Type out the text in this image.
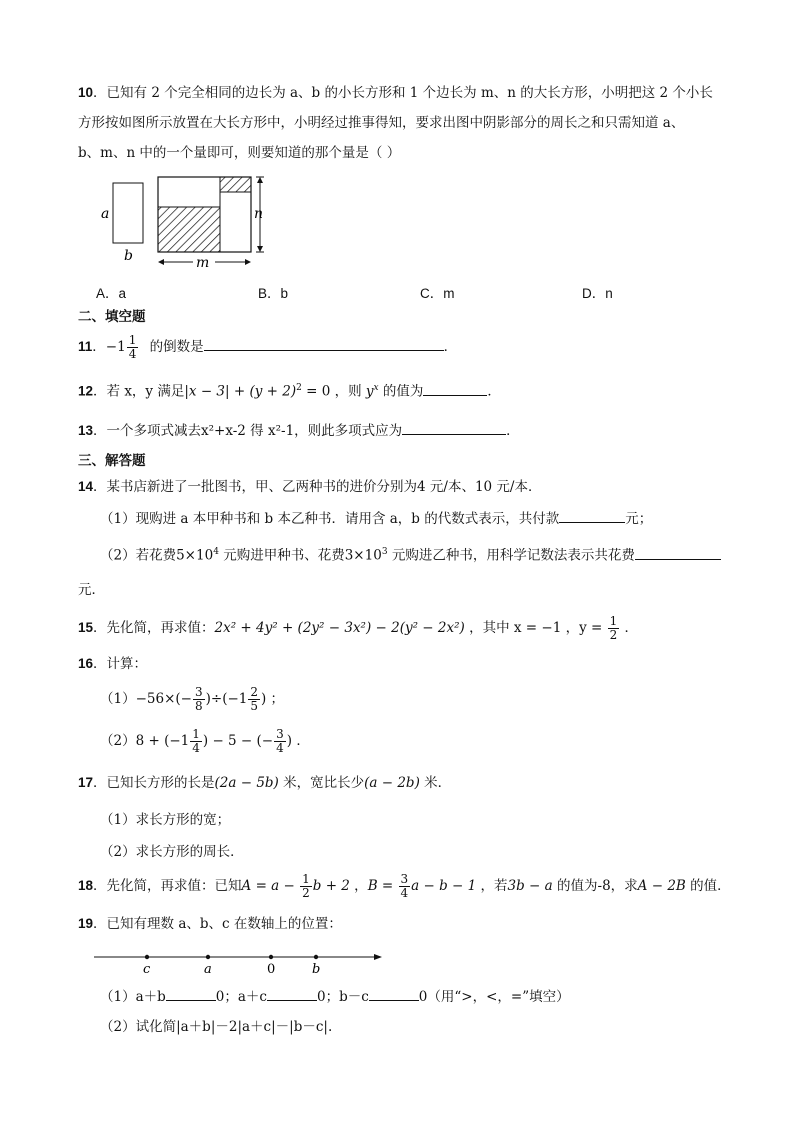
10．已知有 2 个完全相同的边长为 a、b 的小长方形和 1 个边长为 m、n 的大长方形，小明把这 2 个小长
方形按如图所示放置在大长方形中，小明经过推事得知，要求出图中阴影部分的周长之和只需知道 a、
b、m、n 中的一个量即可，则要知道的那个量是（ ）
a
b
n
m
A．a	B．b	C．m	D．n
二、填空题
11．$-1 \frac{1}{4}$ 的倒数是	．
12．若 x，y 满足$|x - 3| + (y + 2)^2 = 0$ ，则 $y^x$ 的值为	．
13．一个多项式减去x²+x-2 得 x²-1，则此多项式应为	．
三、解答题
14．某书店新进了一批图书，甲、乙两种书的进价分别为4 元/本、10 元/本．
（1）现购进 a 本甲种书和 b 本乙种书．请用含 a，b 的代数式表示，共付款	元；
（2）若花费$5\times 10^4$ 元购进甲种书、花费$3\times 10^3$ 元购进乙种书，用科学记数法表示共花费
元．
15．先化简，再求值：2x² + 4y² + (2y² − 3x²) − 2(y² − 2x²) ，其中 x = −1 ，$y = \frac{1}{2}$ ．
16．计算：
$(1)-56\times(- \frac{3}{8} )\div(-1 \frac{2}{5}$ ) ；
$(2)8 + (-1 \frac{1}{4}$ ) − 5 − (− $\frac{3}{4}$ ) ．
17．已知长方形的长是(2a − 5b) 米，宽比长少(a − 2b) 米．
（1）求长方形的宽；
（2）求长方形的周长．
18．先化简，再求值：已知$A = a - \frac{1}{2}$ b + 2 ，$B = \frac{3}{4}$ a − b − 1 ，若3b − a 的值为-8，求A − 2B 的值．
19．已知有理数 a、b、c 在数轴上的位置：
c	a	0	b
（1）a＋b	0；a＋c	0；b－c	0（用“>，<，=”填空）
（2）试化简|a＋b|－2|a＋c|－|b－c|.
